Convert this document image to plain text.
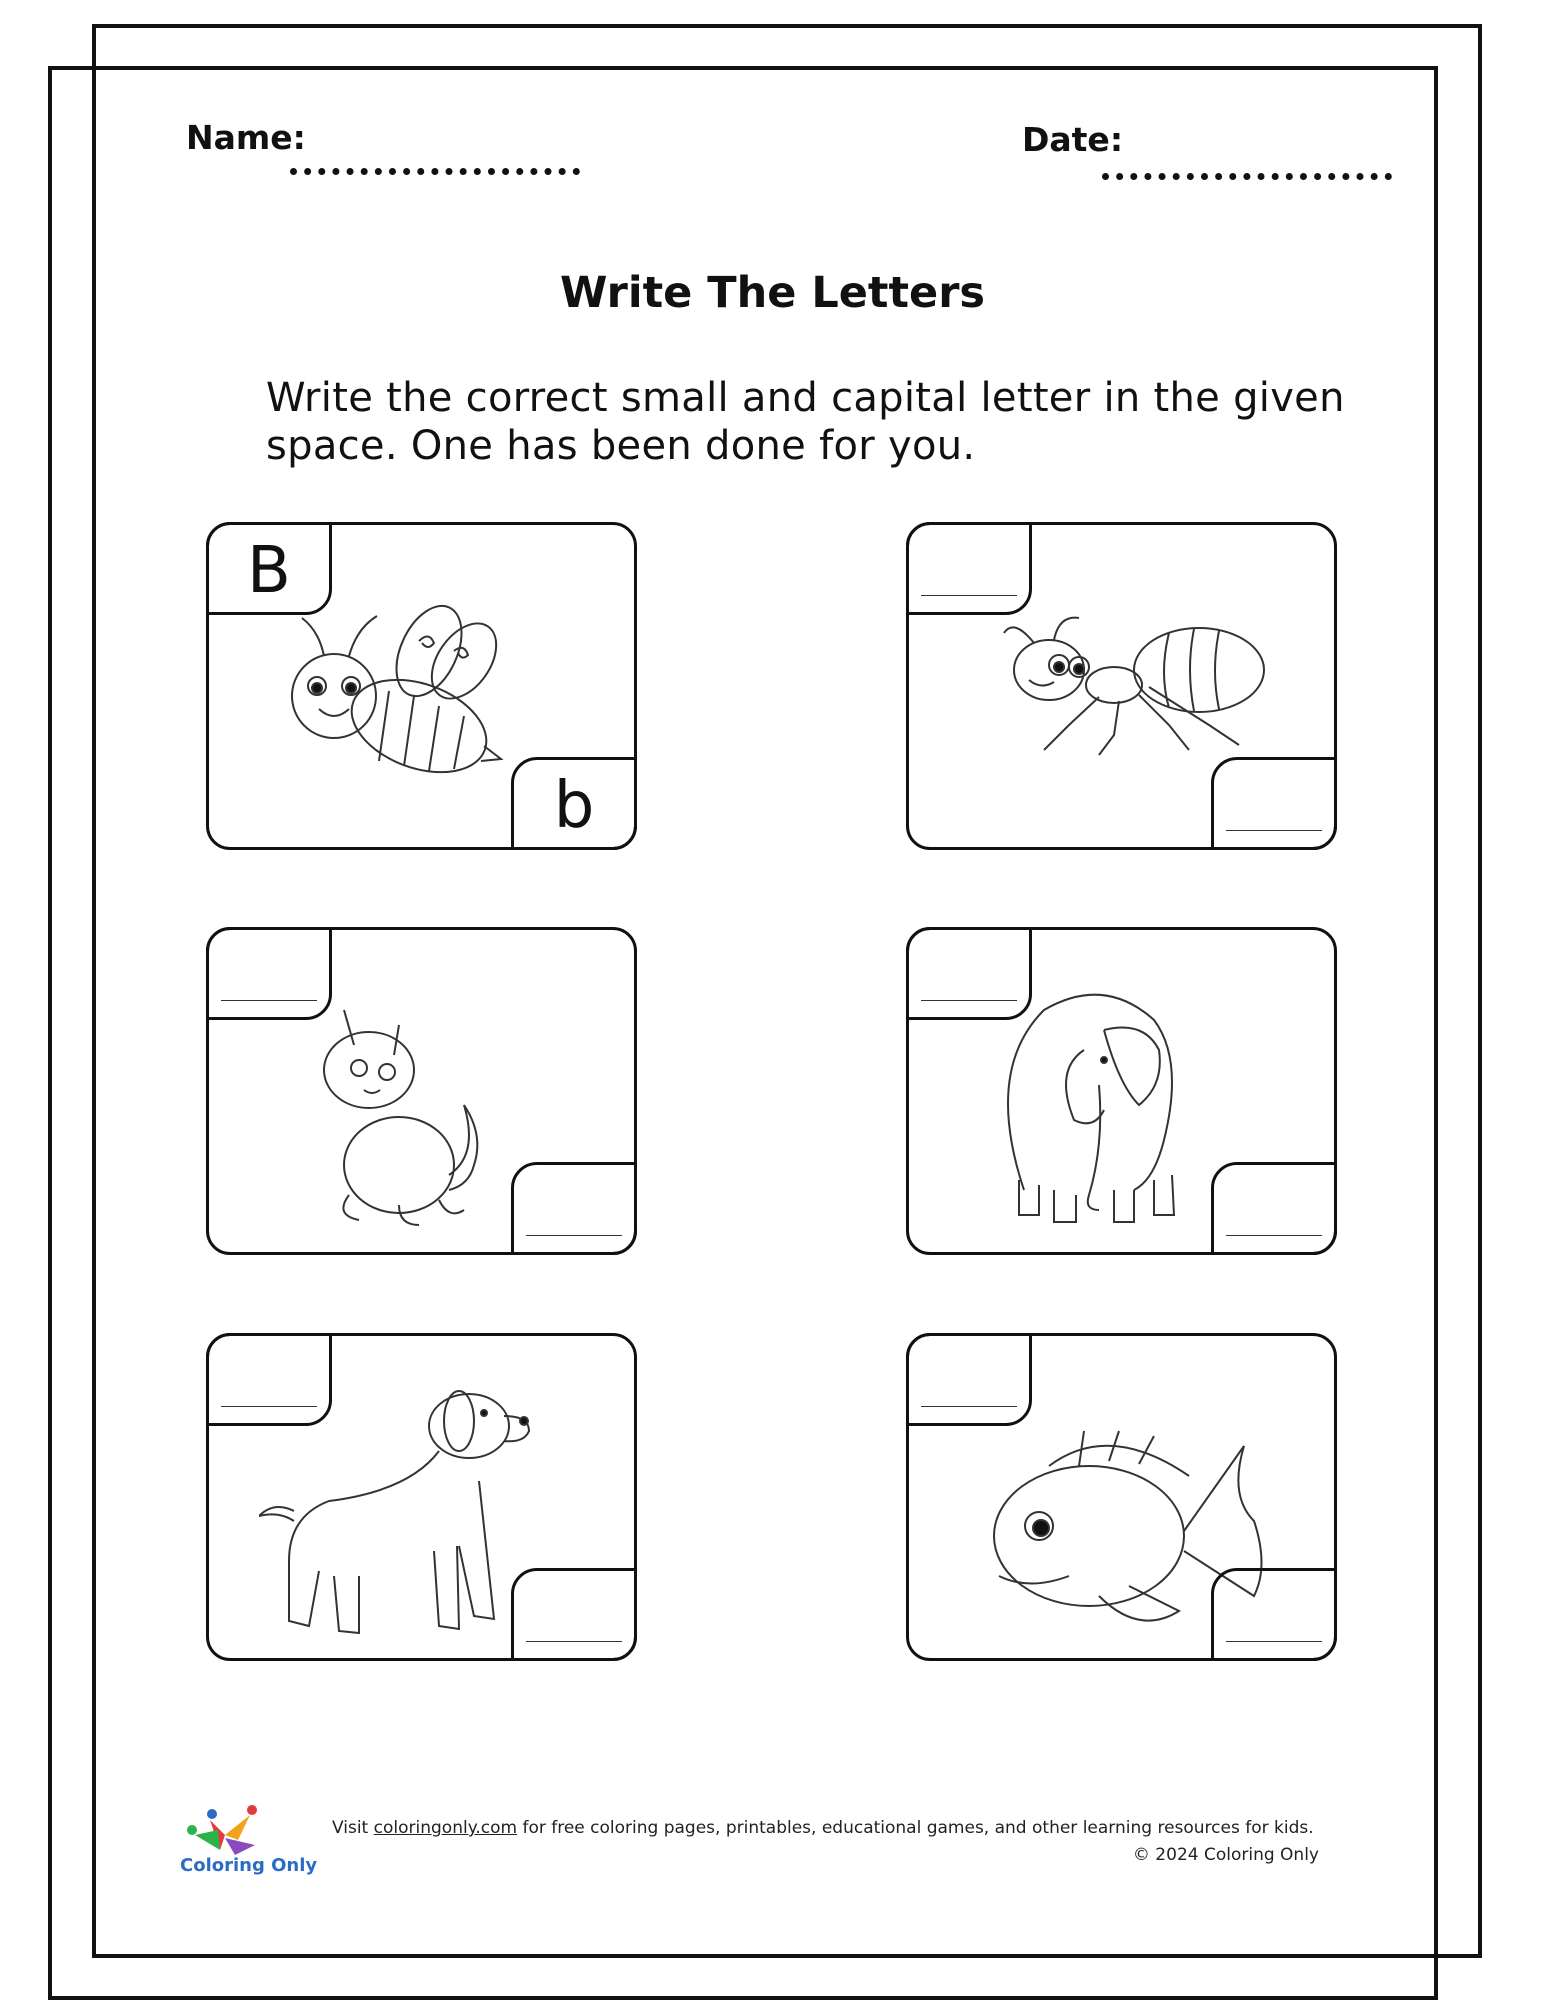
Name:	Date:
Write The Letters
Write the correct small and capital letter in the given space. One has been done for you.
B
b
Coloring Only
Visit coloringonly.com for free coloring pages, printables, educational games, and other learning resources for kids.
© 2024 Coloring Only
